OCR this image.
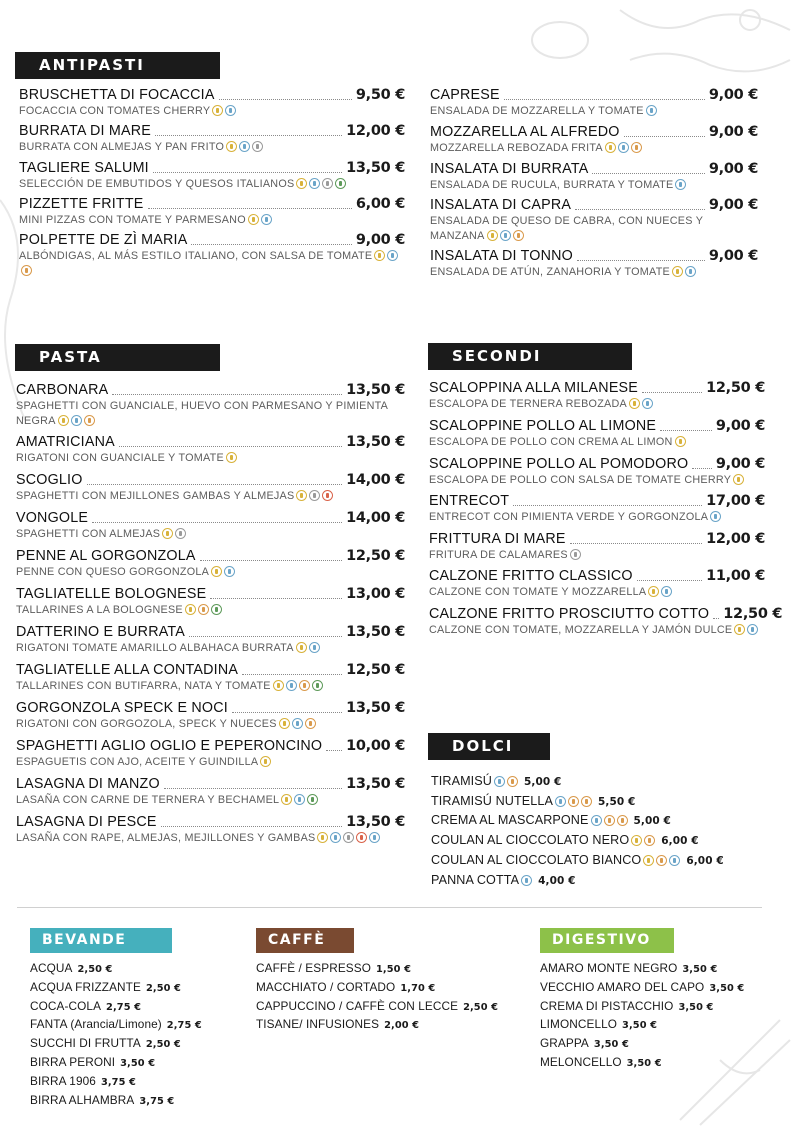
ANTIPASTI
BRUSCHETTA DI FOCACCIA	9,50 €
FOCACCIA CON TOMATES CHERRY
BURRATA DI MARE	12,00 €
BURRATA CON ALMEJAS Y PAN FRITO
TAGLIERE SALUMI	13,50 €
SELECCIÓN DE EMBUTIDOS Y QUESOS ITALIANOS
PIZZETTE FRITTE	6,00 €
MINI PIZZAS CON TOMATE Y PARMESANO
POLPETTE DE ZÌ MARIA	9,00 €
ALBÓNDIGAS, AL MÁS ESTILO ITALIANO, CON SALSA DE TOMATE
CAPRESE	9,00 €
ENSALADA DE MOZZARELLA Y TOMATE
MOZZARELLA AL ALFREDO	9,00 €
MOZZARELLA REBOZADA FRITA
INSALATA DI BURRATA	9,00 €
ENSALADA DE RUCULA, BURRATA Y TOMATE
INSALATA DI CAPRA	9,00 €
ENSALADA DE QUESO DE CABRA, CON NUECES Y MANZANA
INSALATA DI TONNO	9,00 €
ENSALADA DE ATÚN, ZANAHORIA Y TOMATE
PASTA
CARBONARA	13,50 €
SPAGHETTI CON GUANCIALE, HUEVO CON PARMESANO Y PIMIENTA NEGRA
AMATRICIANA	13,50 €
RIGATONI CON GUANCIALE Y TOMATE
SCOGLIO	14,00 €
SPAGHETTI CON MEJILLONES GAMBAS Y ALMEJAS
VONGOLE	14,00 €
SPAGHETTI CON ALMEJAS
PENNE AL GORGONZOLA	12,50 €
PENNE CON QUESO GORGONZOLA
TAGLIATELLE BOLOGNESE	13,00 €
TALLARINES A LA BOLOGNESE
DATTERINO E BURRATA	13,50 €
RIGATONI TOMATE AMARILLO ALBAHACA BURRATA
TAGLIATELLE ALLA CONTADINA	12,50 €
TALLARINES CON BUTIFARRA, NATA Y TOMATE
GORGONZOLA SPECK E NOCI	13,50 €
RIGATONI CON GORGOZOLA, SPECK Y NUECES
SPAGHETTI AGLIO OGLIO E PEPERONCINO 10,00 €
ESPAGUETIS CON AJO, ACEITE Y GUINDILLA
LASAGNA DI MANZO	13,50 €
LASAÑA CON CARNE DE TERNERA Y BECHAMEL
LASAGNA DI PESCE	13,50 €
LASAÑA CON RAPE, ALMEJAS, MEJILLONES Y GAMBAS
SECONDI
SCALOPPINA ALLA MILANESE	12,50 €
ESCALOPA DE TERNERA REBOZADA
SCALOPPINE POLLO AL LIMONE	9,00 €
ESCALOPA DE POLLO CON CREMA AL LIMON
SCALOPPINE POLLO AL POMODORO 9,00 €
ESCALOPA DE POLLO CON SALSA DE TOMATE CHERRY
ENTRECOT	17,00 €
ENTRECOT CON PIMIENTA VERDE Y GORGONZOLA
FRITTURA DI MARE	12,00 €
FRITURA DE CALAMARES
CALZONE FRITTO CLASSICO	11,00 €
CALZONE CON TOMATE Y MOZZARELLA
CALZONE FRITTO PROSCIUTTO COTTO 12,50 €
CALZONE CON TOMATE, MOZZARELLA Y JAMÓN DULCE
DOLCI
TIRAMISÚ	5,00 €
TIRAMISÚ NUTELLA	5,50 €
CREMA AL MASCARPONE	5,00 €
COULAN AL CIOCCOLATO NERO	6,00 €
COULAN AL CIOCCOLATO BIANCO	6,00 €
PANNA COTTA 4,00 €
BEVANDE
ACQUA 2,50 €
ACQUA FRIZZANTE 2,50 €
COCA-COLA 2,75 €
FANTA (Arancia/Limone) 2,75 €
SUCCHI DI FRUTTA 2,50 €
BIRRA PERONI 3,50 €
BIRRA 1906 3,75 €
BIRRA ALHAMBRA 3,75 €
CAFFÈ
CAFFÈ / ESPRESSO 1,50 €
MACCHIATO / CORTADO 1,70 €
CAPPUCCINO / CAFFÈ CON LECCE 2,50 €
TISANE/ INFUSIONES 2,00 €
DIGESTIVO
AMARO MONTE NEGRO 3,50 €
VECCHIO AMARO DEL CAPO 3,50 €
CREMA DI PISTACCHIO 3,50 €
LIMONCELLO 3,50 €
GRAPPA 3,50 €
MELONCELLO 3,50 €
